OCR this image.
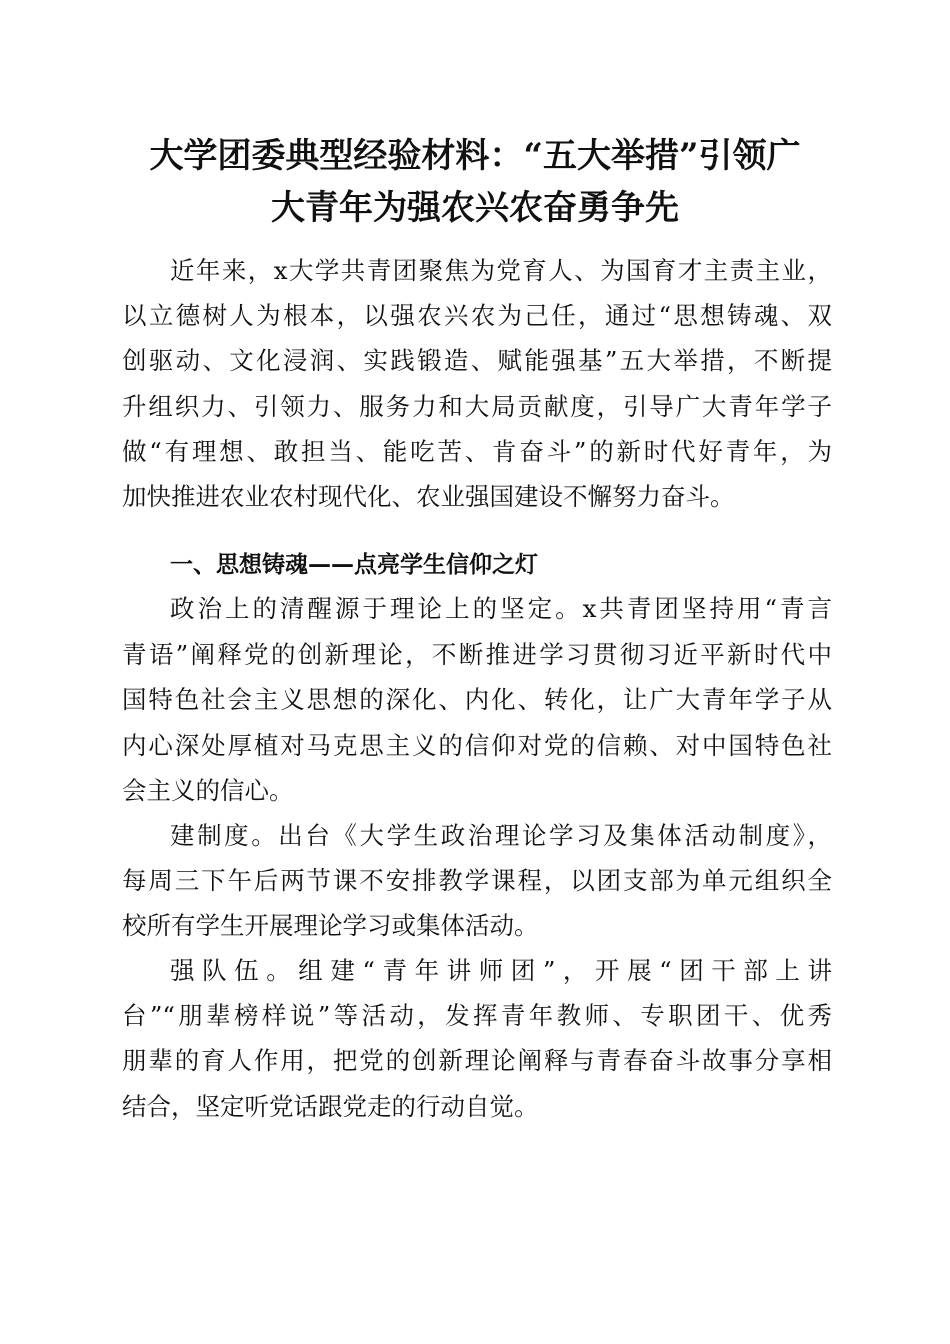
大学团委典型经验材料：“五大举措”引领广
大青年为强农兴农奋勇争先

近年来，x大学共青团聚焦为党育人、为国育才主责主业，

以立德树人为根本，以强农兴农为己任，通过“思想铸魂、双

创驱动、文化浸润、实践锻造、赋能强基”五大举措，不断提

升组织力、引领力、服务力和大局贡献度，引导广大青年学子

做“有理想、敢担当、能吃苦、肯奋斗”的新时代好青年，为

加快推进农业农村现代化、农业强国建设不懈努力奋斗。

一、思想铸魂——点亮学生信仰之灯

政治上的清醒源于理论上的坚定。x共青团坚持用“青言

青语”阐释党的创新理论，不断推进学习贯彻习近平新时代中

国特色社会主义思想的深化、内化、转化，让广大青年学子从

内心深处厚植对马克思主义的信仰对党的信赖、对中国特色社

会主义的信心。

建制度。出台《大学生政治理论学习及集体活动制度》，

每周三下午后两节课不安排教学课程，以团支部为单元组织全

校所有学生开展理论学习或集体活动。

强队伍。组建“青年讲师团”，开展“团干部上讲

台”“朋辈榜样说”等活动，发挥青年教师、专职团干、优秀

朋辈的育人作用，把党的创新理论阐释与青春奋斗故事分享相

结合，坚定听党话跟党走的行动自觉。
